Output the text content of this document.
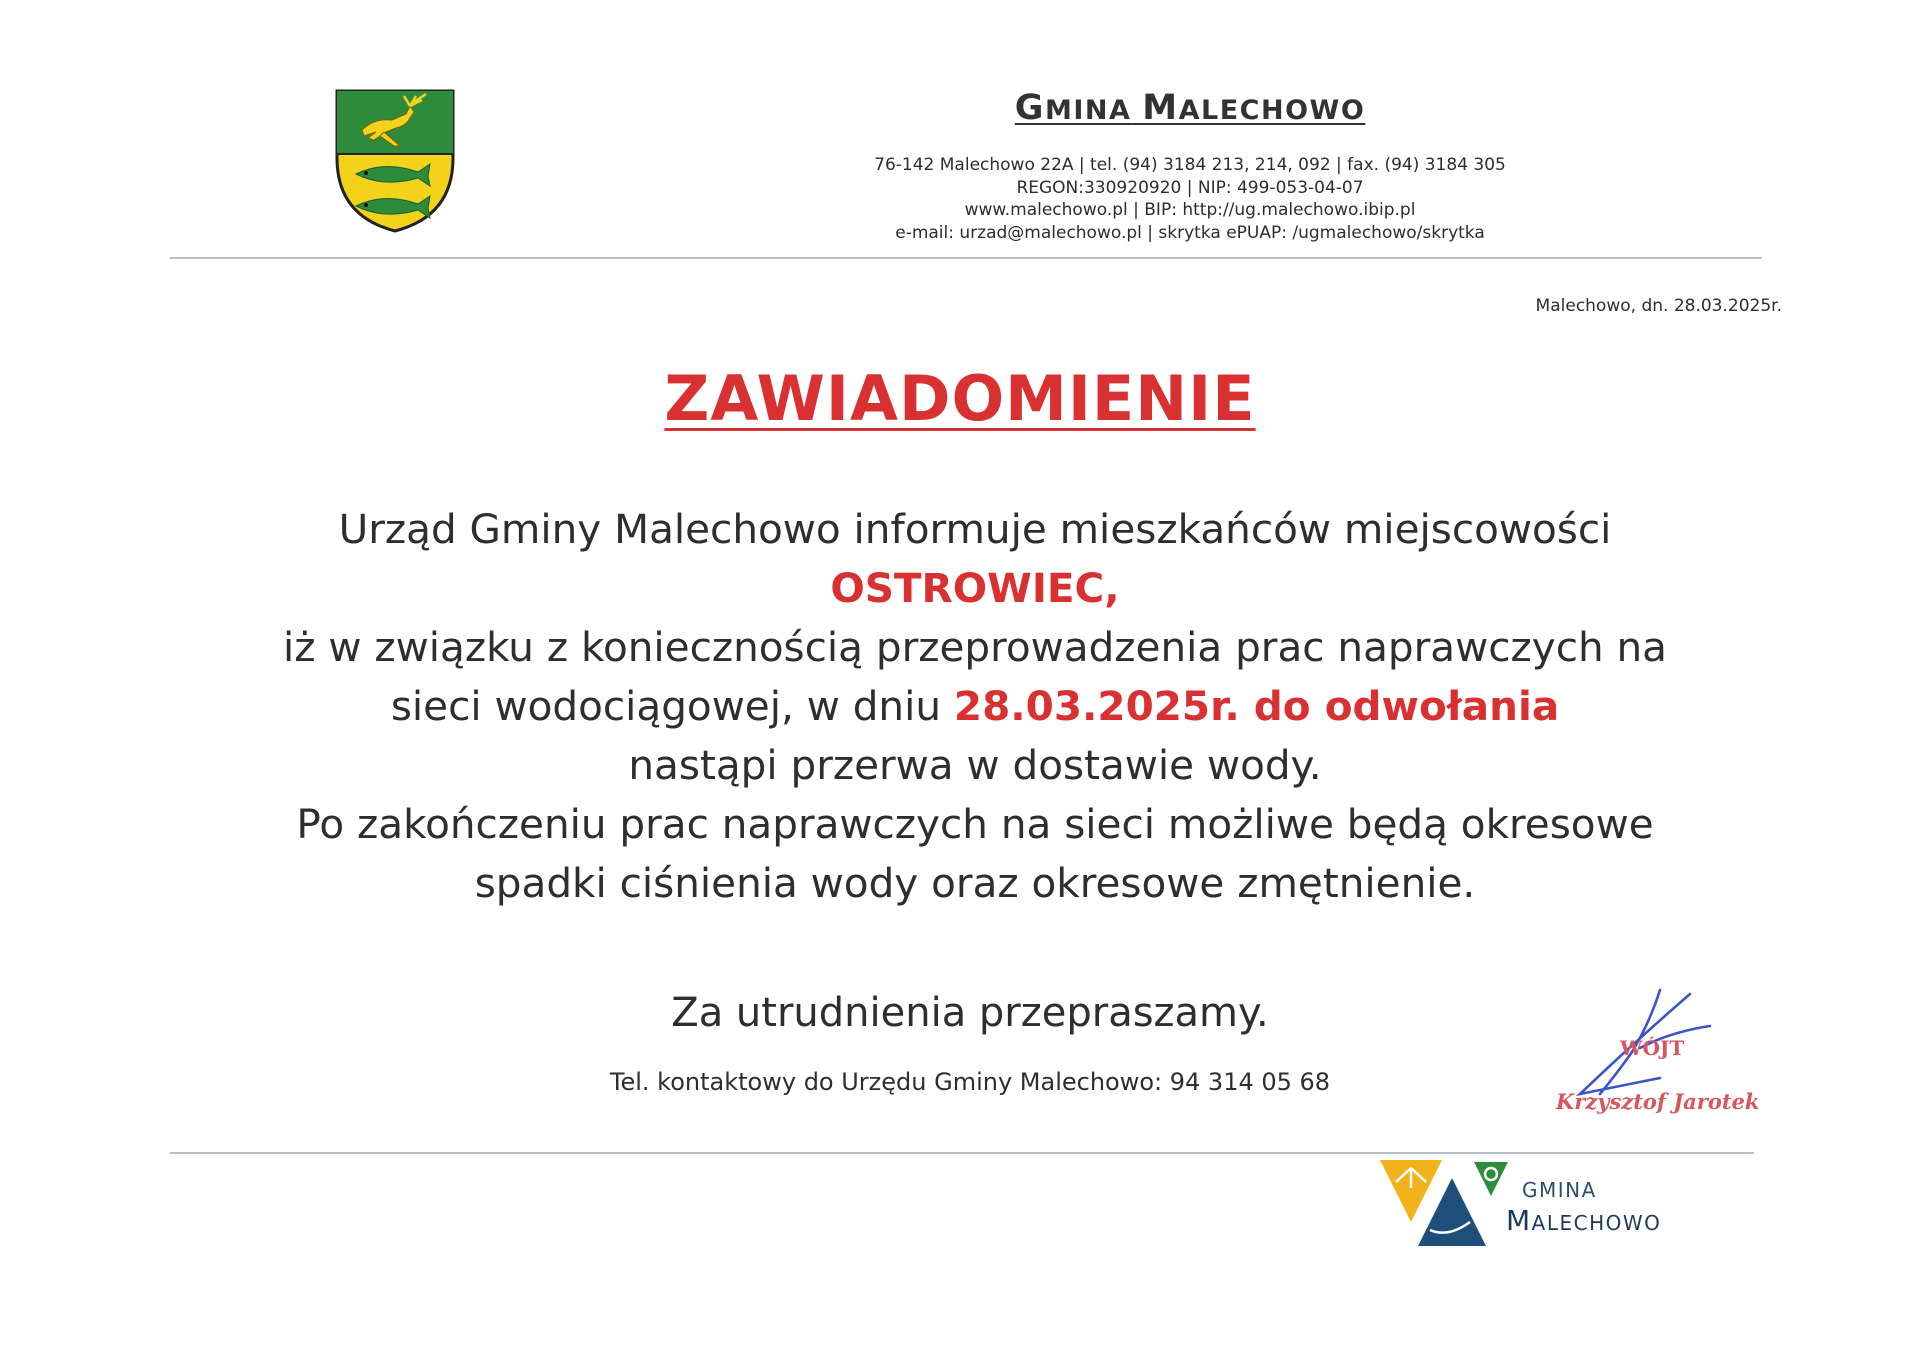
GMINA MALECHOWO
76-142 Malechowo 22A | tel. (94) 3184 213, 214, 092 | fax. (94) 3184 305
REGON:330920920 | NIP: 499-053-04-07
www.malechowo.pl | BIP: http://ug.malechowo.ibip.pl
e-mail: urzad@malechowo.pl | skrytka ePUAP: /ugmalechowo/skrytka
Malechowo, dn. 28.03.2025r.
ZAWIADOMIENIE
Urząd Gminy Malechowo informuje mieszkańców miejscowości
OSTROWIEC,
iż w związku z koniecznością przeprowadzenia prac naprawczych na
sieci wodociągowej, w dniu 28.03.2025r. do odwołania
nastąpi przerwa w dostawie wody.
Po zakończeniu prac naprawczych na sieci możliwe będą okresowe
spadki ciśnienia wody oraz okresowe zmętnienie.
Za utrudnienia przepraszamy.
Tel. kontaktowy do Urzędu Gminy Malechowo: 94 314 05 68
WÓJT
Krzysztof Jarotek
GMINA
Malechowo
